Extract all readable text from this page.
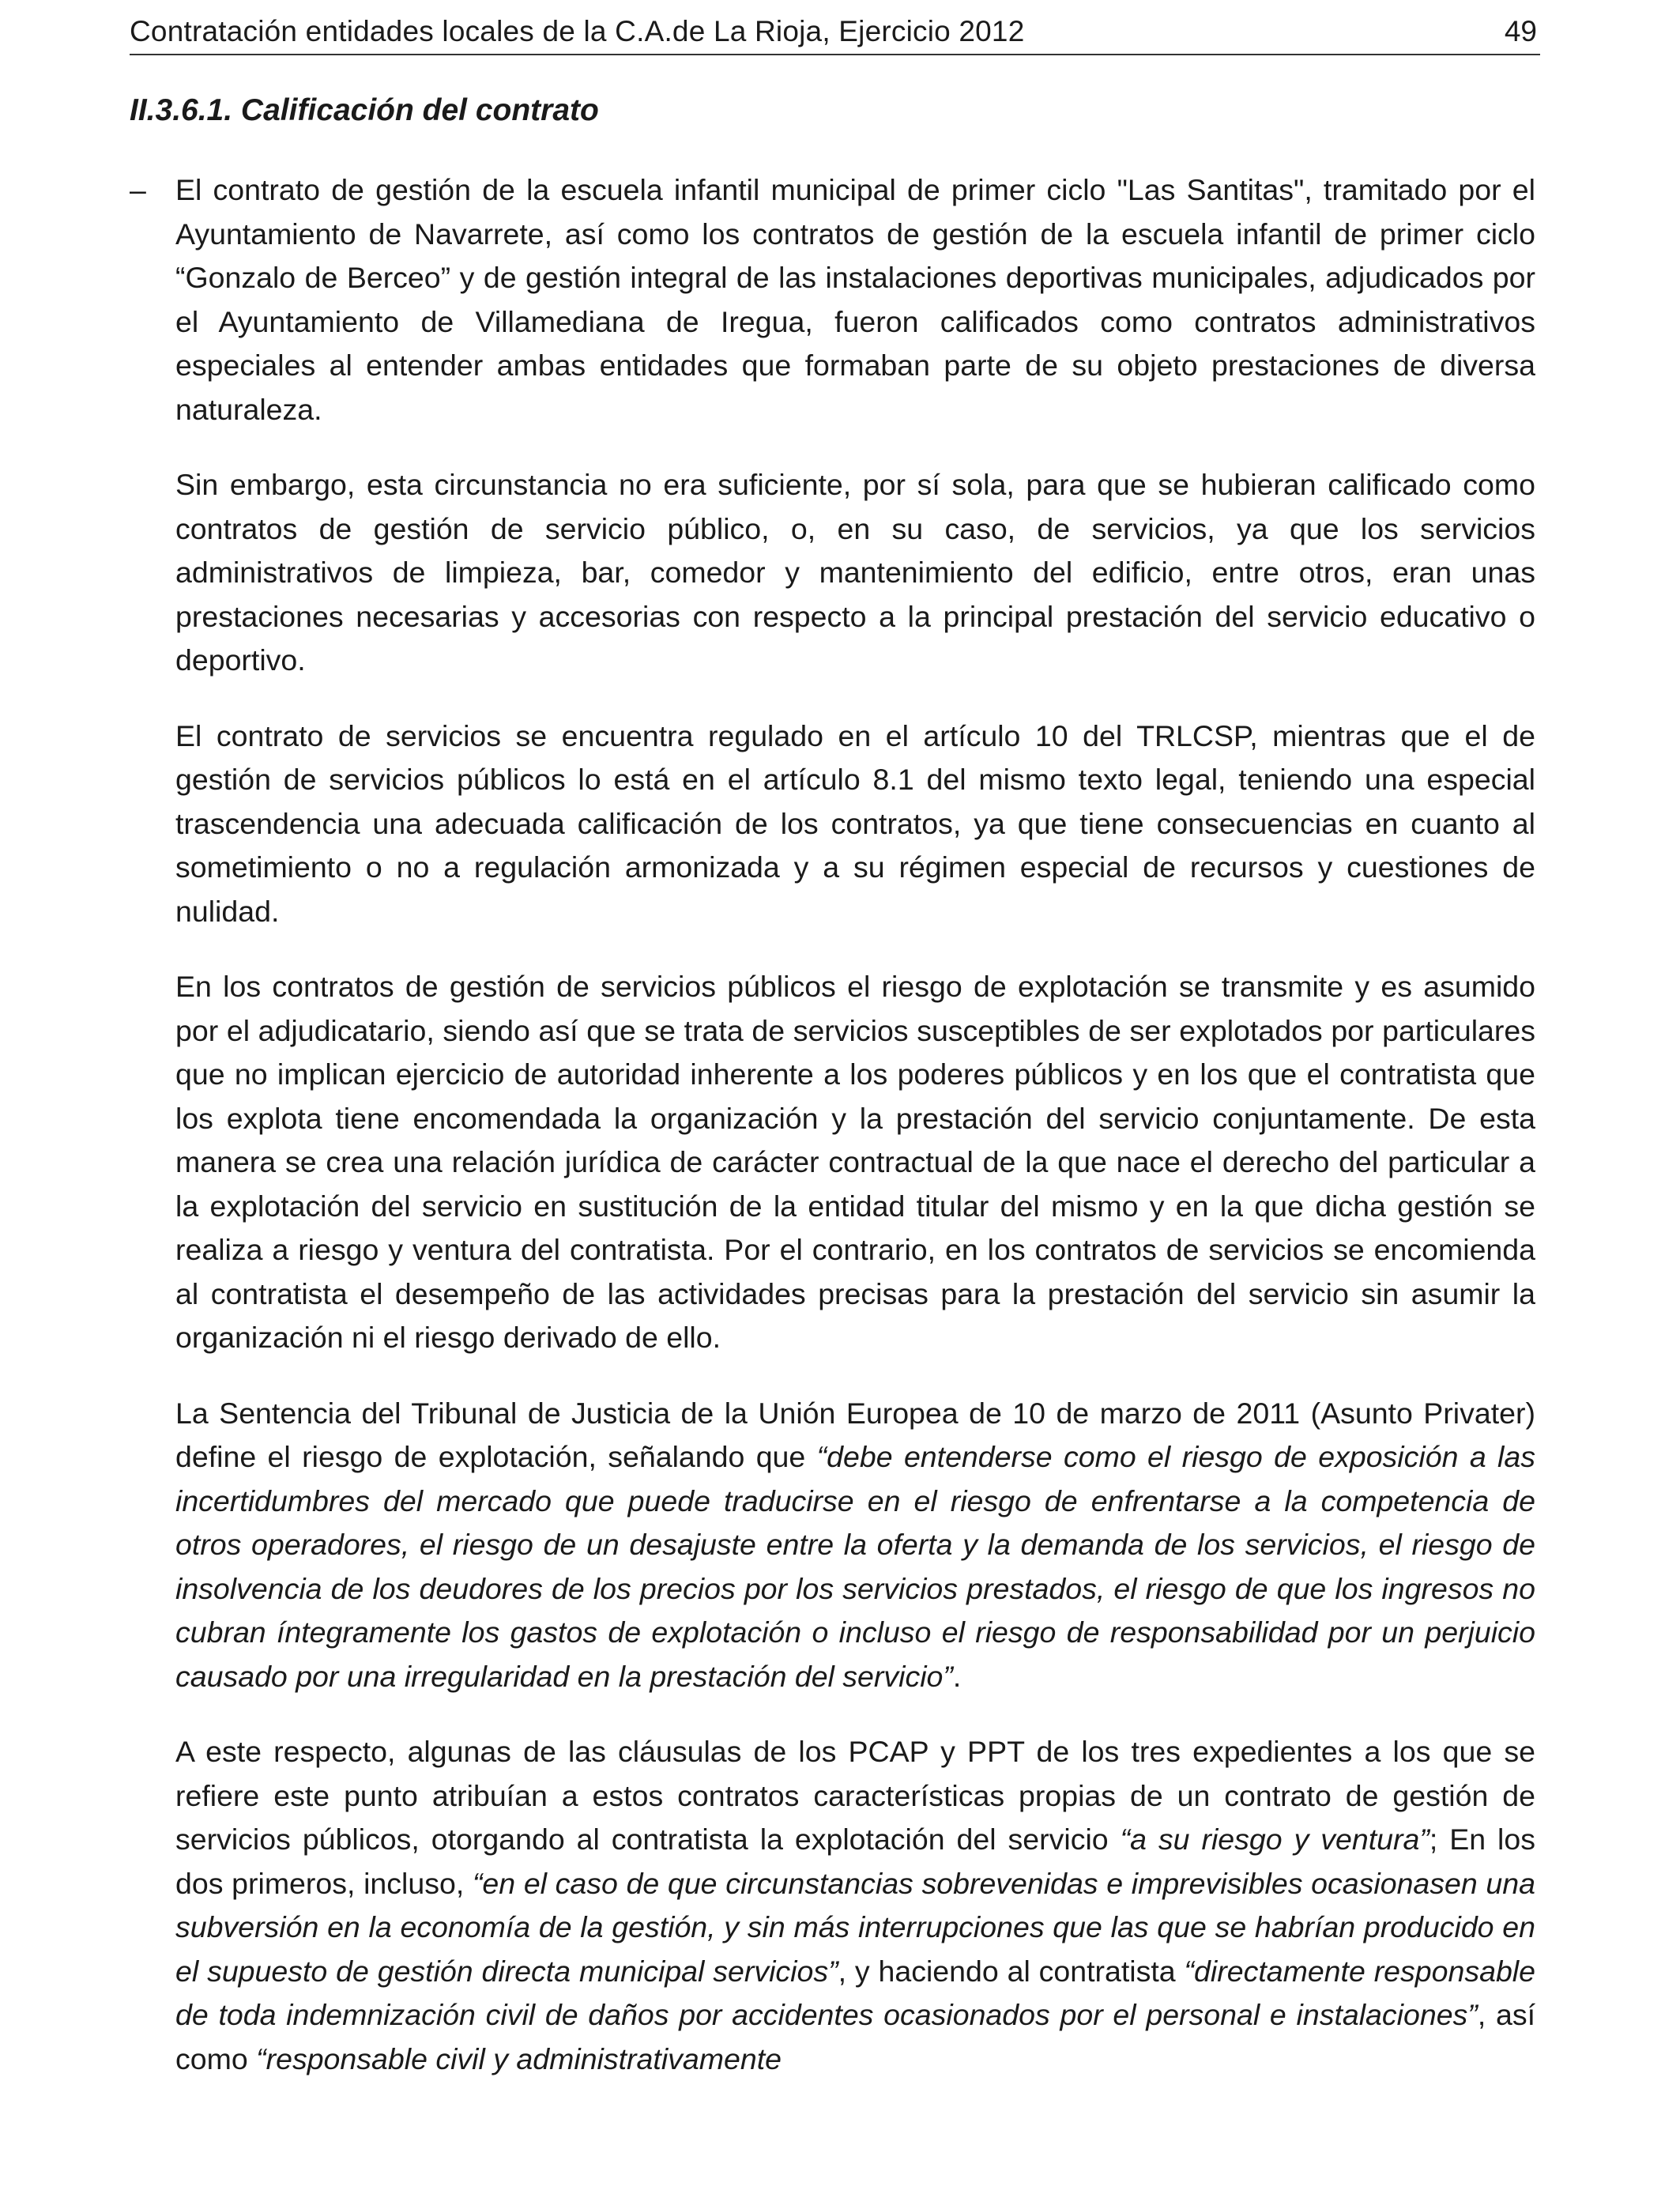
Contratación entidades locales de la C.A.de La Rioja, Ejercicio 2012	49
II.3.6.1. Calificación del contrato

– El contrato de gestión de la escuela infantil municipal de primer ciclo "Las Santitas", tramitado por el Ayuntamiento de Navarrete, así como los contratos de gestión de la escuela infantil de primer ciclo “Gonzalo de Berceo” y de gestión integral de las instalaciones deportivas municipales, adjudicados por el Ayuntamiento de Villamediana de Iregua, fueron calificados como contratos administrativos especiales al entender ambas entidades que formaban parte de su objeto prestaciones de diversa naturaleza.

Sin embargo, esta circunstancia no era suficiente, por sí sola, para que se hubieran calificado como contratos de gestión de servicio público, o, en su caso, de servicios, ya que los servicios administrativos de limpieza, bar, comedor y mantenimiento del edificio, entre otros, eran unas prestaciones necesarias y accesorias con respecto a la principal prestación del servicio educativo o deportivo.

El contrato de servicios se encuentra regulado en el artículo 10 del TRLCSP, mientras que el de gestión de servicios públicos lo está en el artículo 8.1 del mismo texto legal, teniendo una especial trascendencia una adecuada calificación de los contratos, ya que tiene consecuencias en cuanto al sometimiento o no a regulación armonizada y a su régimen especial de recursos y cuestiones de nulidad.

En los contratos de gestión de servicios públicos el riesgo de explotación se transmite y es asumido por el adjudicatario, siendo así que se trata de servicios susceptibles de ser explotados por particulares que no implican ejercicio de autoridad inherente a los poderes públicos y en los que el contratista que los explota tiene encomendada la organización y la prestación del servicio conjuntamente. De esta manera se crea una relación jurídica de carácter contractual de la que nace el derecho del particular a la explotación del servicio en sustitución de la entidad titular del mismo y en la que dicha gestión se realiza a riesgo y ventura del contratista. Por el contrario, en los contratos de servicios se encomienda al contratista el desempeño de las actividades precisas para la prestación del servicio sin asumir la organización ni el riesgo derivado de ello.

La Sentencia del Tribunal de Justicia de la Unión Europea de 10 de marzo de 2011 (Asunto Privater) define el riesgo de explotación, señalando que “debe entenderse como el riesgo de exposición a las incertidumbres del mercado que puede traducirse en el riesgo de enfrentarse a la competencia de otros operadores, el riesgo de un desajuste entre la oferta y la demanda de los servicios, el riesgo de insolvencia de los deudores de los precios por los servicios prestados, el riesgo de que los ingresos no cubran íntegramente los gastos de explotación o incluso el riesgo de responsabilidad por un perjuicio causado por una irregularidad en la prestación del servicio”.

A este respecto, algunas de las cláusulas de los PCAP y PPT de los tres expedientes a los que se refiere este punto atribuían a estos contratos características propias de un contrato de gestión de servicios públicos, otorgando al contratista la explotación del servicio “a su riesgo y ventura”; En los dos primeros, incluso, “en el caso de que circunstancias sobrevenidas e imprevisibles ocasionasen una subversión en la economía de la gestión, y sin más interrupciones que las que se habrían producido en el supuesto de gestión directa municipal servicios”, y haciendo al contratista “directamente responsable de toda indemnización civil de daños por accidentes ocasionados por el personal e instalaciones”, así como “responsable civil y administrativamente
